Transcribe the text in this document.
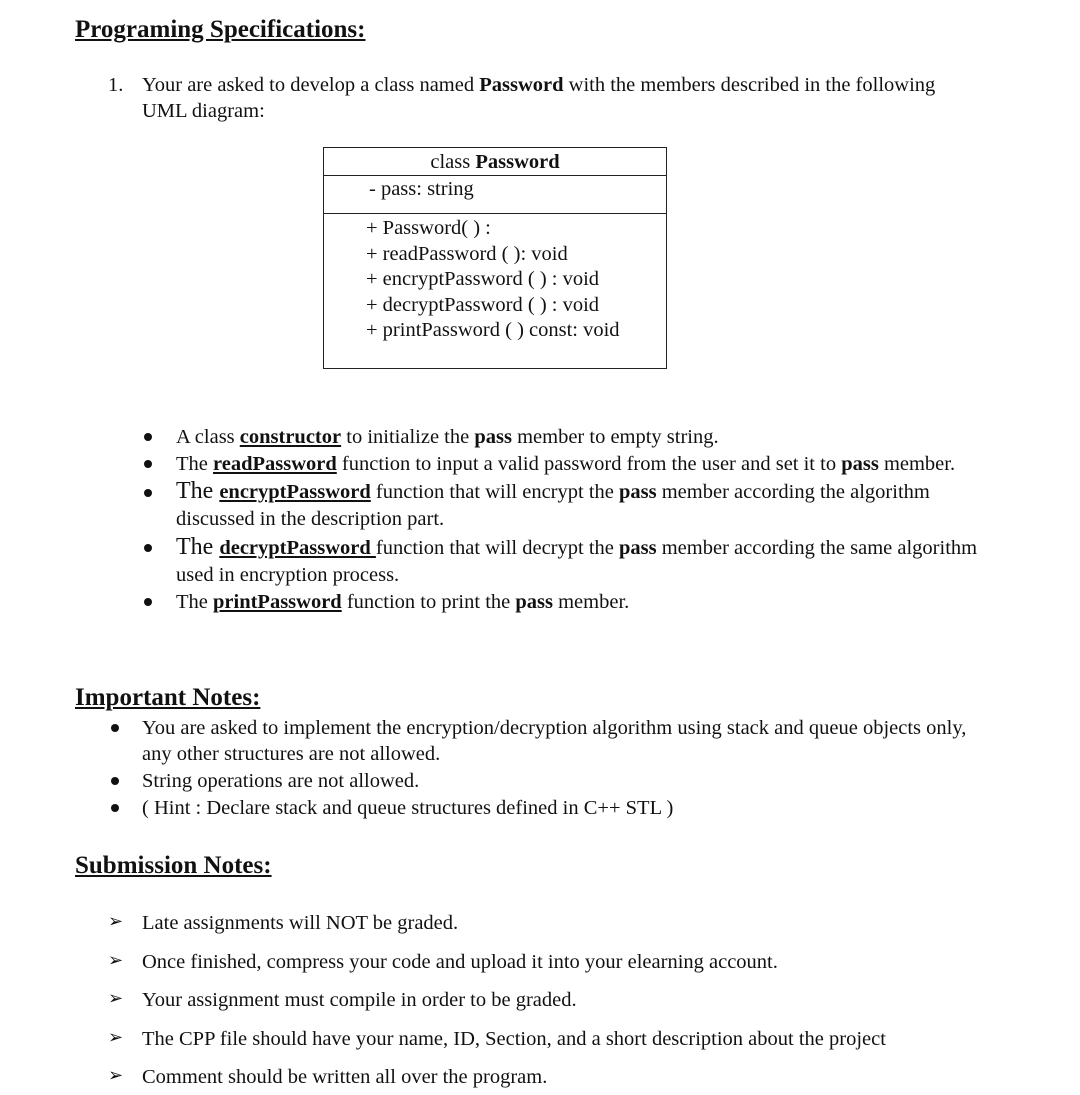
Programing Specifications:
1. Your are asked to develop a class named Password with the members described in the following
UML diagram:
class Password
- pass: string
+ Password( ) :
+ readPassword ( ): void
+ encryptPassword ( ) : void
+ decryptPassword ( ) : void
+ printPassword ( ) const: void
A class constructor to initialize the pass member to empty string.
The readPassword function to input a valid password from the user and set it to pass member.
The encryptPassword function that will encrypt the pass member according the algorithm
discussed in the description part.
The decryptPassword function that will decrypt the pass member according the same algorithm
used in encryption process.
The printPassword function to print the pass member.
Important Notes:
You are asked to implement the encryption/decryption algorithm using stack and queue objects only,
any other structures are not allowed.
String operations are not allowed.
( Hint : Declare stack and queue structures defined in C++ STL )
Submission Notes:
➢ Late assignments will NOT be graded.
➢ Once finished, compress your code and upload it into your elearning account.
➢ Your assignment must compile in order to be graded.
➢ The CPP file should have your name, ID, Section, and a short description about the project
➢ Comment should be written all over the program.
